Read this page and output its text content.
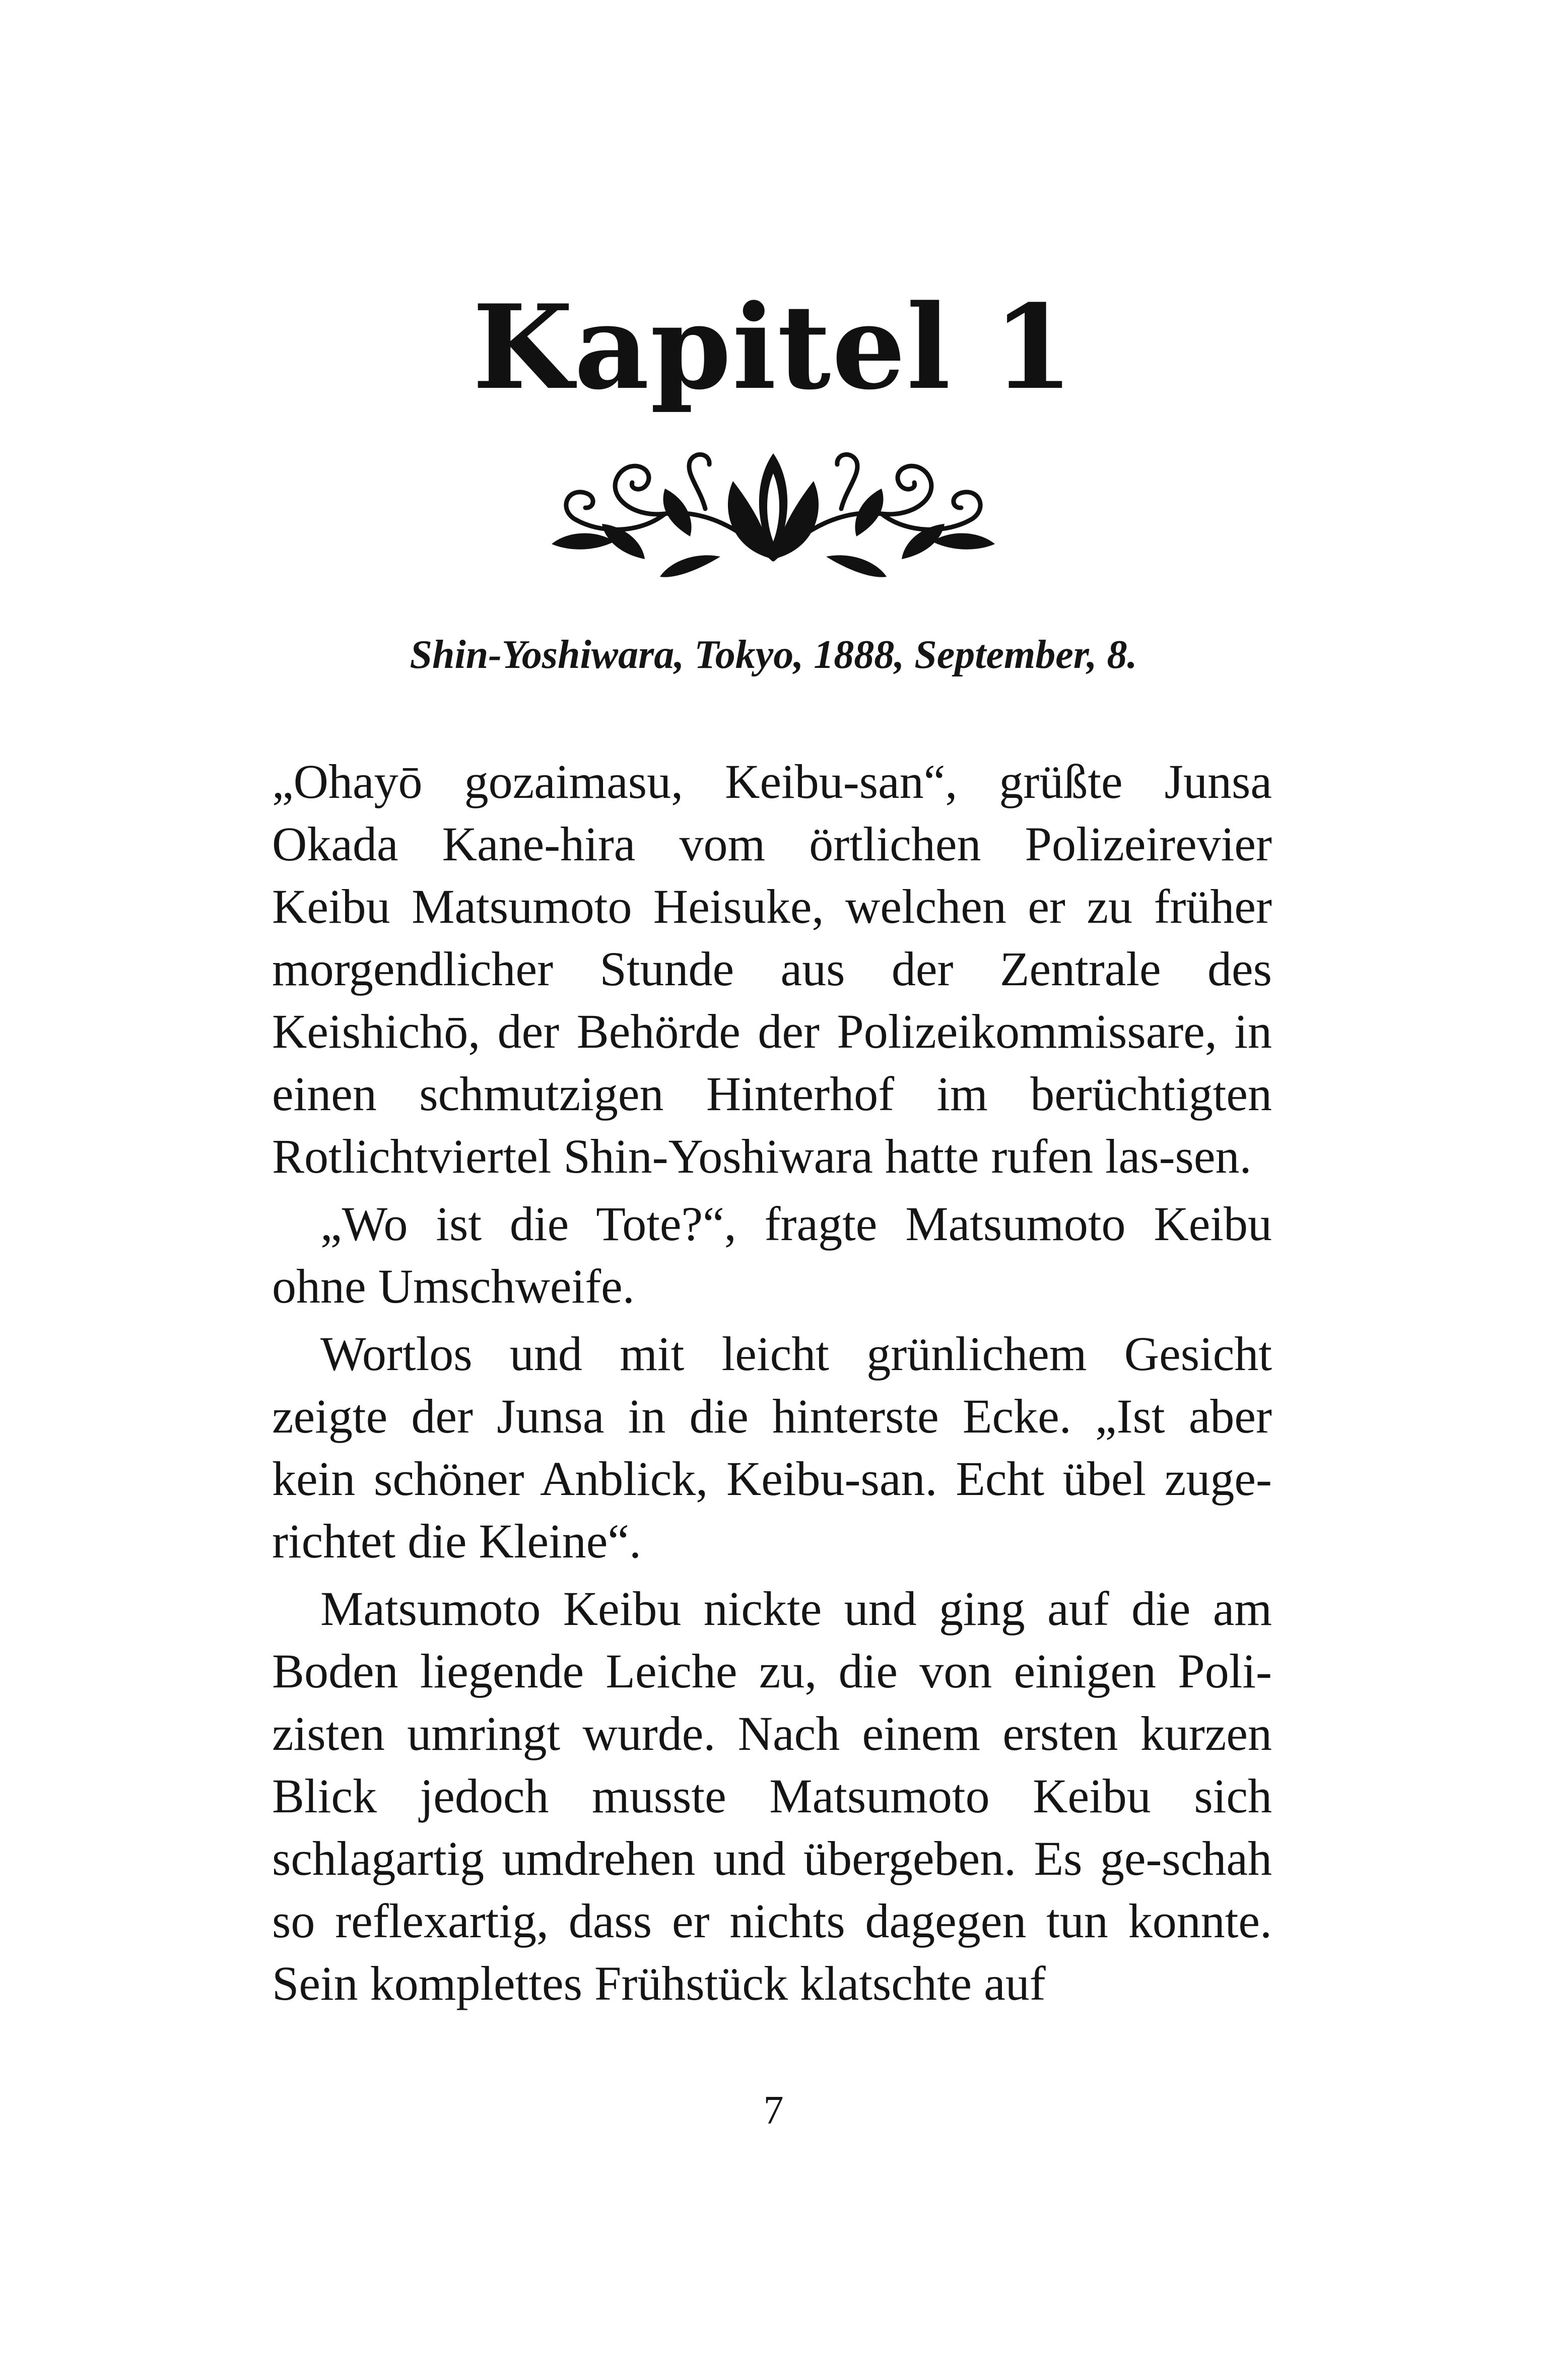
Kapitel 1
Shin-Yoshiwara, Tokyo, 1888, September, 8.

„Ohayō gozaimasu, Keibu-san“, grüßte Junsa Okada Kane-hira vom örtlichen Polizeirevier Keibu Matsumoto Heisuke, welchen er zu früher morgendlicher Stunde aus der Zentrale des Keishichō, der Behörde der Polizeikommissare, in einen schmutzigen Hinterhof im berüchtigten Rotlichtviertel Shin-Yoshiwara hatte rufen las-sen.

„Wo ist die Tote?“, fragte Matsumoto Keibu ohne Umschweife.

Wortlos und mit leicht grünlichem Gesicht zeigte der Junsa in die hinterste Ecke. „Ist aber kein schöner Anblick, Keibu-san. Echt übel zuge-richtet die Kleine“.

Matsumoto Keibu nickte und ging auf die am Boden liegende Leiche zu, die von einigen Poli-zisten umringt wurde. Nach einem ersten kurzen Blick jedoch musste Matsumoto Keibu sich schlagartig umdrehen und übergeben. Es ge-schah so reflexartig, dass er nichts dagegen tun konnte. Sein komplettes Frühstück klatschte auf

7
